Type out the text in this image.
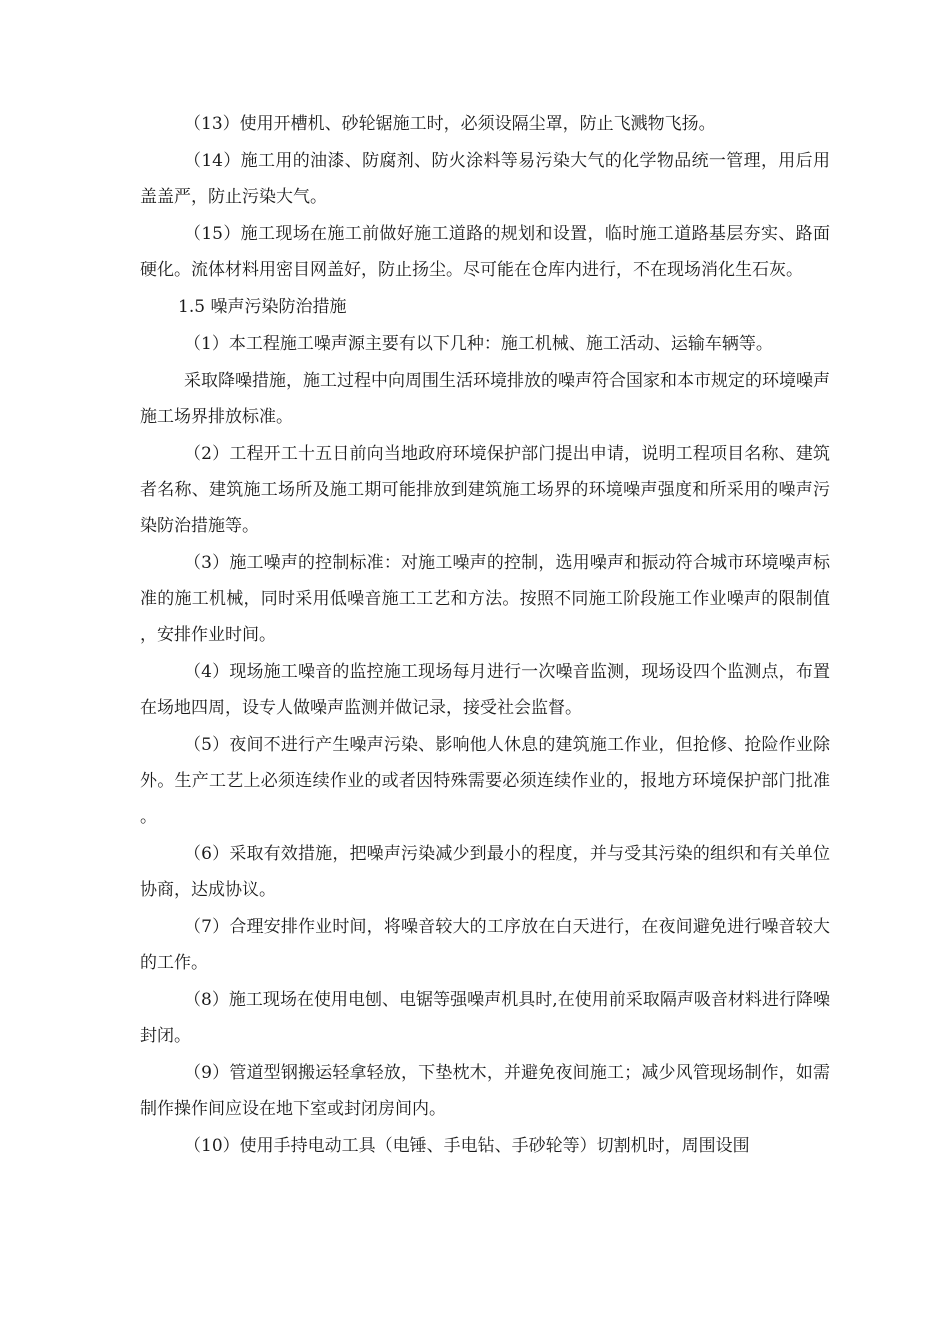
（13）使用开槽机、砂轮锯施工时，必须设隔尘罩，防止飞溅物飞扬。

（14）施工用的油漆、防腐剂、防火涂料等易污染大气的化学物品统一管理，用后用盖盖严，防止污染大气。

（15）施工现场在施工前做好施工道路的规划和设置，临时施工道路基层夯实、路面硬化。流体材料用密目网盖好，防止扬尘。尽可能在仓库内进行，不在现场消化生石灰。

1.5 噪声污染防治措施

（1）本工程施工噪声源主要有以下几种：施工机械、施工活动、运输车辆等。

采取降噪措施，施工过程中向周围生活环境排放的噪声符合国家和本市规定的环境噪声施工场界排放标准。

（2）工程开工十五日前向当地政府环境保护部门提出申请，说明工程项目名称、建筑者名称、建筑施工场所及施工期可能排放到建筑施工场界的环境噪声强度和所采用的噪声污染防治措施等。

（3）施工噪声的控制标准：对施工噪声的控制，选用噪声和振动符合城市环境噪声标准的施工机械，同时采用低噪音施工工艺和方法。按照不同施工阶段施工作业噪声的限制值，安排作业时间。

（4）现场施工噪音的监控施工现场每月进行一次噪音监测，现场设四个监测点，布置在场地四周，设专人做噪声监测并做记录，接受社会监督。

（5）夜间不进行产生噪声污染、影响他人休息的建筑施工作业，但抢修、抢险作业除外。生产工艺上必须连续作业的或者因特殊需要必须连续作业的，报地方环境保护部门批准。

（6）采取有效措施，把噪声污染减少到最小的程度，并与受其污染的组织和有关单位协商，达成协议。

（7）合理安排作业时间，将噪音较大的工序放在白天进行，在夜间避免进行噪音较大的工作。

（8）施工现场在使用电刨、电锯等强噪声机具时,在使用前采取隔声吸音材料进行降噪封闭。

（9）管道型钢搬运轻拿轻放，下垫枕木，并避免夜间施工；减少风管现场制作，如需制作操作间应设在地下室或封闭房间内。

（10）使用手持电动工具（电锤、手电钻、手砂轮等）切割机时，周围设围
